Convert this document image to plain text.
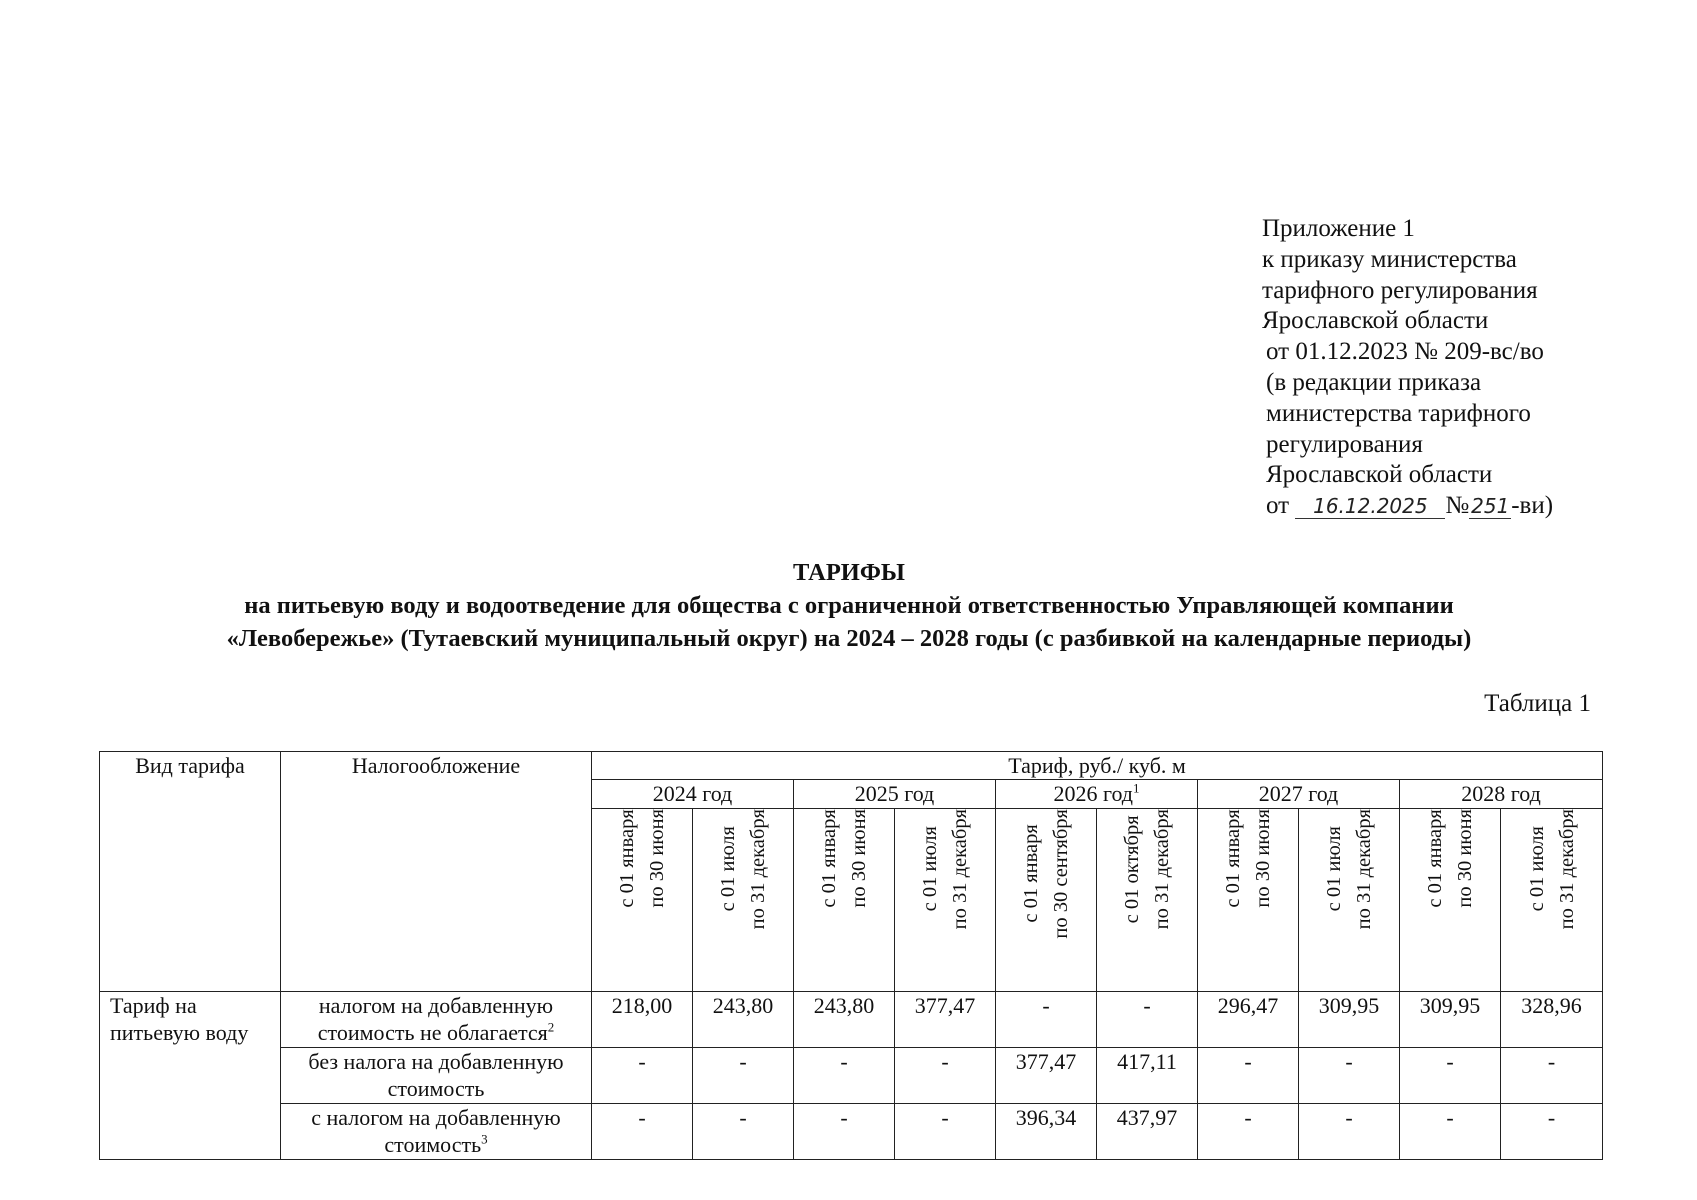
Приложение 1
к приказу министерства
тарифного регулирования
Ярославской области
от 01.12.2023 № 209-вс/во
(в редакции приказа
министерства тарифного
регулирования
Ярославской области
от 16.12.2025 №251-ви)
ТАРИФЫ
на питьевую воду и водоотведение для общества с ограниченной ответственностью Управляющей компании
«Левобережье» (Тутаевский муниципальный округ) на 2024 – 2028 годы (с разбивкой на календарные периоды)
Таблица 1
Вид тарифа	Налогообложение	Тариф, руб./ куб. м									
		2024 год		2025 год		2026 год$^1$		2027 год		2028 год	
		с 01 января по 30 июня	с 01 июля по 31 декабря	с 01 января по 30 июня	с 01 июля по 31 декабря	с 01 января по 30 сентября	с 01 октября по 31 декабря	с 01 января по 30 июня	с 01 июля по 31 декабря	с 01 января по 30 июня	с 01 июля по 31 декабря
Тариф на питьевую воду	налогом на добавленную стоимость не облагается$^2$	218,00	243,80	243,80	377,47	-	-	296,47	309,95	309,95	328,96
	без налога на добавленную стоимость	-	-	-	-	377,47	417,11	-	-	-	-
	с налогом на добавленную стоимость$^3$	-	-	-	-	396,34	437,97	-	-	-	-
